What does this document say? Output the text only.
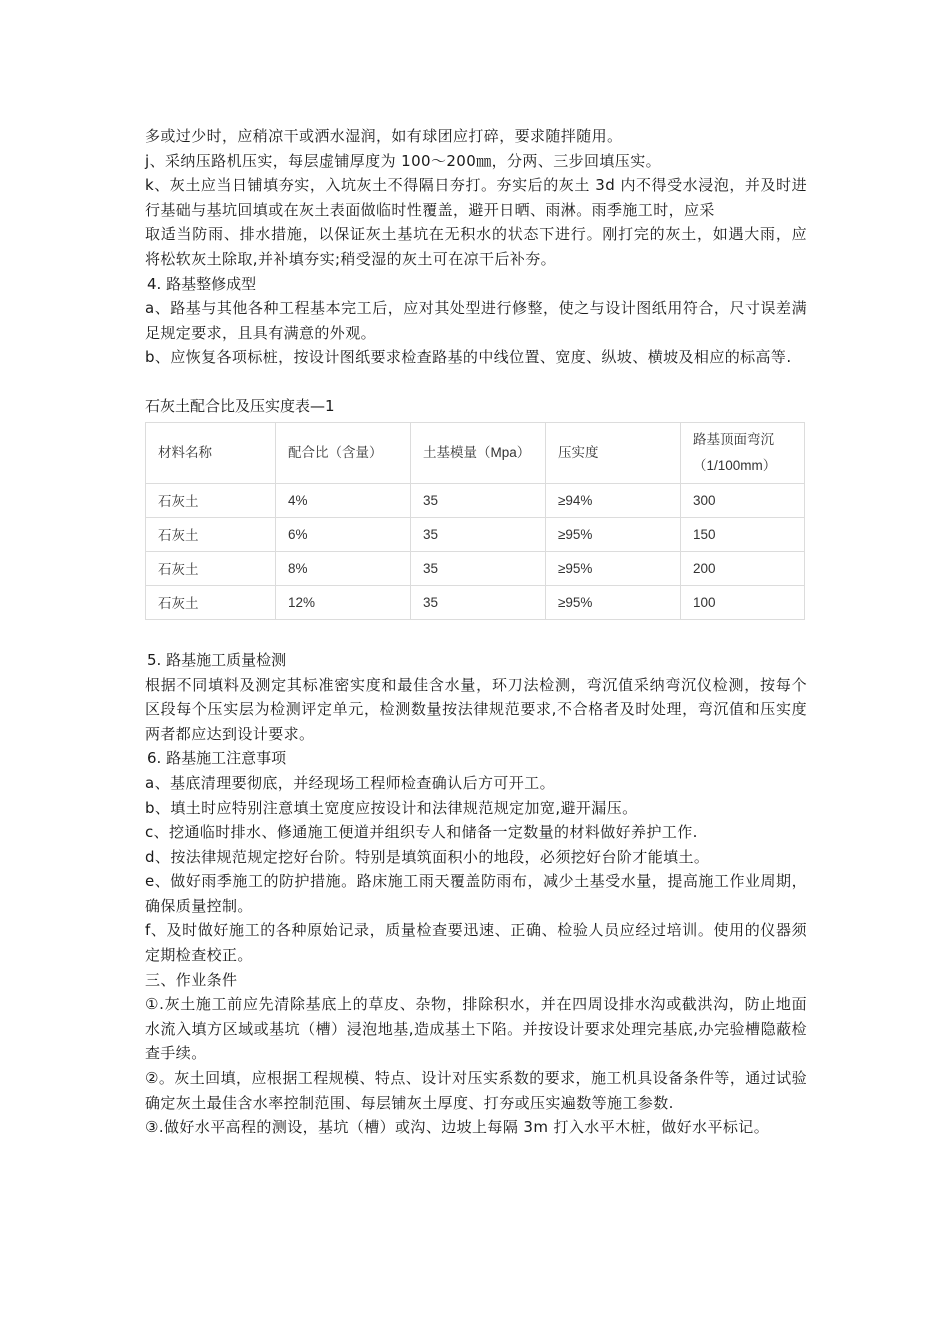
多或过少时，应稍凉干或洒水湿润，如有球团应打碎，要求随拌随用。

j、采纳压路机压实，每层虚铺厚度为 100～200㎜，分两、三步回填压实。

k、灰土应当日铺填夯实，入坑灰土不得隔日夯打。夯实后的灰土 3d 内不得受水浸泡，并及时进行基础与基坑回填或在灰土表面做临时性覆盖，避开日晒、雨淋。雨季施工时，应采

取适当防雨、排水措施，以保证灰土基坑在无积水的状态下进行。刚打完的灰土，如遇大雨，应将松软灰土除取,并补填夯实;稍受湿的灰土可在凉干后补夯。

4. 路基整修成型

a、路基与其他各种工程基本完工后，应对其处型进行修整，使之与设计图纸用符合，尺寸误差满足规定要求，且具有满意的外观。

b、应恢复各项标桩，按设计图纸要求检查路基的中线位置、宽度、纵坡、横坡及相应的标高等.

石灰土配合比及压实度表—1

材料名称	配合比（含量）	土基模量（Mpa）	压实度	路基顶面弯沉（1/100mm）
石灰土	4%	35	≥94%	300
石灰土	6%	35	≥95%	150
石灰土	8%	35	≥95%	200
石灰土	12%	35	≥95%	100

5. 路基施工质量检测

根据不同填料及测定其标准密实度和最佳含水量，环刀法检测，弯沉值采纳弯沉仪检测，按每个区段每个压实层为检测评定单元，检测数量按法律规范要求,不合格者及时处理，弯沉值和压实度两者都应达到设计要求。

6. 路基施工注意事项

a、基底清理要彻底，并经现场工程师检查确认后方可开工。

b、填土时应特别注意填土宽度应按设计和法律规范规定加宽,避开漏压。

c、挖通临时排水、修通施工便道并组织专人和储备一定数量的材料做好养护工作.

d、按法律规范规定挖好台阶。特别是填筑面积小的地段，必须挖好台阶才能填土。

e、做好雨季施工的防护措施。路床施工雨天覆盖防雨布，减少土基受水量，提高施工作业周期，确保质量控制。

f、及时做好施工的各种原始记录，质量检查要迅速、正确、检验人员应经过培训。使用的仪器须定期检查校正。

三、作业条件

①.灰土施工前应先清除基底上的草皮、杂物，排除积水，并在四周设排水沟或截洪沟，防止地面水流入填方区域或基坑（槽）浸泡地基,造成基土下陷。并按设计要求处理完基底,办完验槽隐蔽检查手续。

②。灰土回填，应根据工程规模、特点、设计对压实系数的要求，施工机具设备条件等，通过试验确定灰土最佳含水率控制范围、每层铺灰土厚度、打夯或压实遍数等施工参数.

③.做好水平高程的测设，基坑（槽）或沟、边坡上每隔 3m 打入水平木桩，做好水平标记。
